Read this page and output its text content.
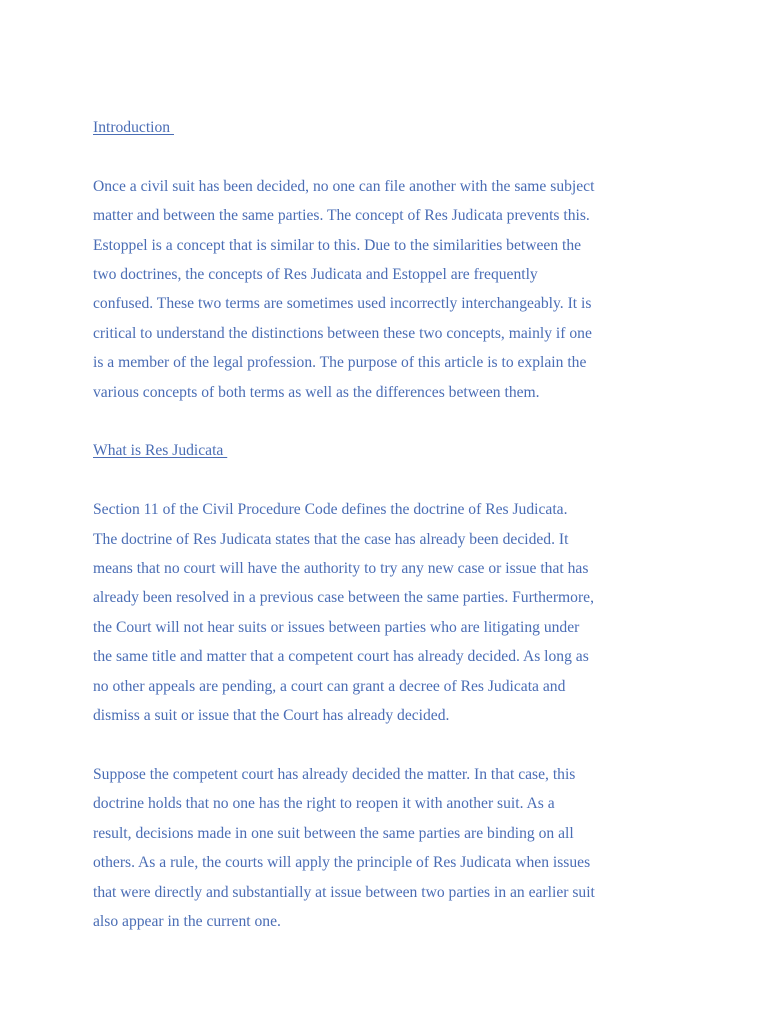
Introduction

Once a civil suit has been decided, no one can file another with the same subject
matter and between the same parties. The concept of Res Judicata prevents this.
Estoppel is a concept that is similar to this. Due to the similarities between the
two doctrines, the concepts of Res Judicata and Estoppel are frequently
confused. These two terms are sometimes used incorrectly interchangeably. It is
critical to understand the distinctions between these two concepts, mainly if one
is a member of the legal profession. The purpose of this article is to explain the
various concepts of both terms as well as the differences between them.

What is Res Judicata

Section 11 of the Civil Procedure Code defines the doctrine of Res Judicata.
The doctrine of Res Judicata states that the case has already been decided. It
means that no court will have the authority to try any new case or issue that has
already been resolved in a previous case between the same parties. Furthermore,
the Court will not hear suits or issues between parties who are litigating under
the same title and matter that a competent court has already decided. As long as
no other appeals are pending, a court can grant a decree of Res Judicata and
dismiss a suit or issue that the Court has already decided.

Suppose the competent court has already decided the matter. In that case, this
doctrine holds that no one has the right to reopen it with another suit. As a
result, decisions made in one suit between the same parties are binding on all
others. As a rule, the courts will apply the principle of Res Judicata when issues
that were directly and substantially at issue between two parties in an earlier suit
also appear in the current one.
